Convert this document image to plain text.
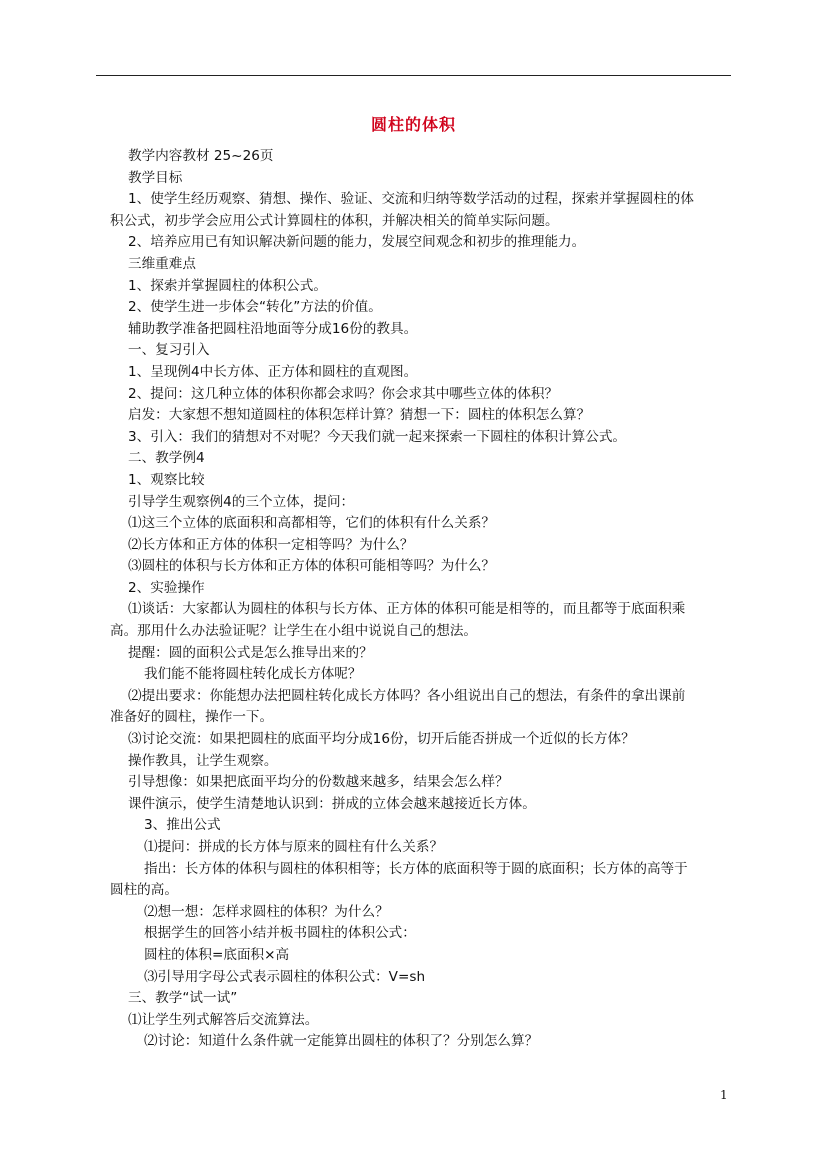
圆柱的体积
教学内容教材 25~26页
教学目标
1、使学生经历观察、猜想、操作、验证、交流和归纳等数学活动的过程，探索并掌握圆柱的体
积公式，初步学会应用公式计算圆柱的体积，并解决相关的简单实际问题。
2、培养应用已有知识解决新问题的能力，发展空间观念和初步的推理能力。
三维重难点
1、探索并掌握圆柱的体积公式。
2、使学生进一步体会“转化”方法的价值。
辅助教学准备把圆柱沿地面等分成16份的教具。
一、复习引入
1、呈现例4中长方体、正方体和圆柱的直观图。
2、提问：这几种立体的体积你都会求吗？你会求其中哪些立体的体积？
启发：大家想不想知道圆柱的体积怎样计算？猜想一下：圆柱的体积怎么算？
3、引入：我们的猜想对不对呢？今天我们就一起来探索一下圆柱的体积计算公式。
二、教学例4
1、观察比较
引导学生观察例4的三个立体，提问：
⑴这三个立体的底面积和高都相等，它们的体积有什么关系？
⑵长方体和正方体的体积一定相等吗？为什么？
⑶圆柱的体积与长方体和正方体的体积可能相等吗？为什么？
2、实验操作
⑴谈话：大家都认为圆柱的体积与长方体、正方体的体积可能是相等的，而且都等于底面积乘
高。那用什么办法验证呢？让学生在小组中说说自己的想法。
提醒：圆的面积公式是怎么推导出来的？
我们能不能将圆柱转化成长方体呢？
⑵提出要求：你能想办法把圆柱转化成长方体吗？各小组说出自己的想法，有条件的拿出课前
准备好的圆柱，操作一下。
⑶讨论交流：如果把圆柱的底面平均分成16份，切开后能否拼成一个近似的长方体？
操作教具，让学生观察。
引导想像：如果把底面平均分的份数越来越多，结果会怎么样？
课件演示，使学生清楚地认识到：拼成的立体会越来越接近长方体。
3、推出公式
⑴提问：拼成的长方体与原来的圆柱有什么关系？
指出：长方体的体积与圆柱的体积相等；长方体的底面积等于圆的底面积；长方体的高等于
圆柱的高。
⑵想一想：怎样求圆柱的体积？为什么？
根据学生的回答小结并板书圆柱的体积公式：
圆柱的体积=底面积×高
⑶引导用字母公式表示圆柱的体积公式：V=sh
三、教学“试一试”
⑴让学生列式解答后交流算法。
⑵讨论：知道什么条件就一定能算出圆柱的体积了？分别怎么算？
1
